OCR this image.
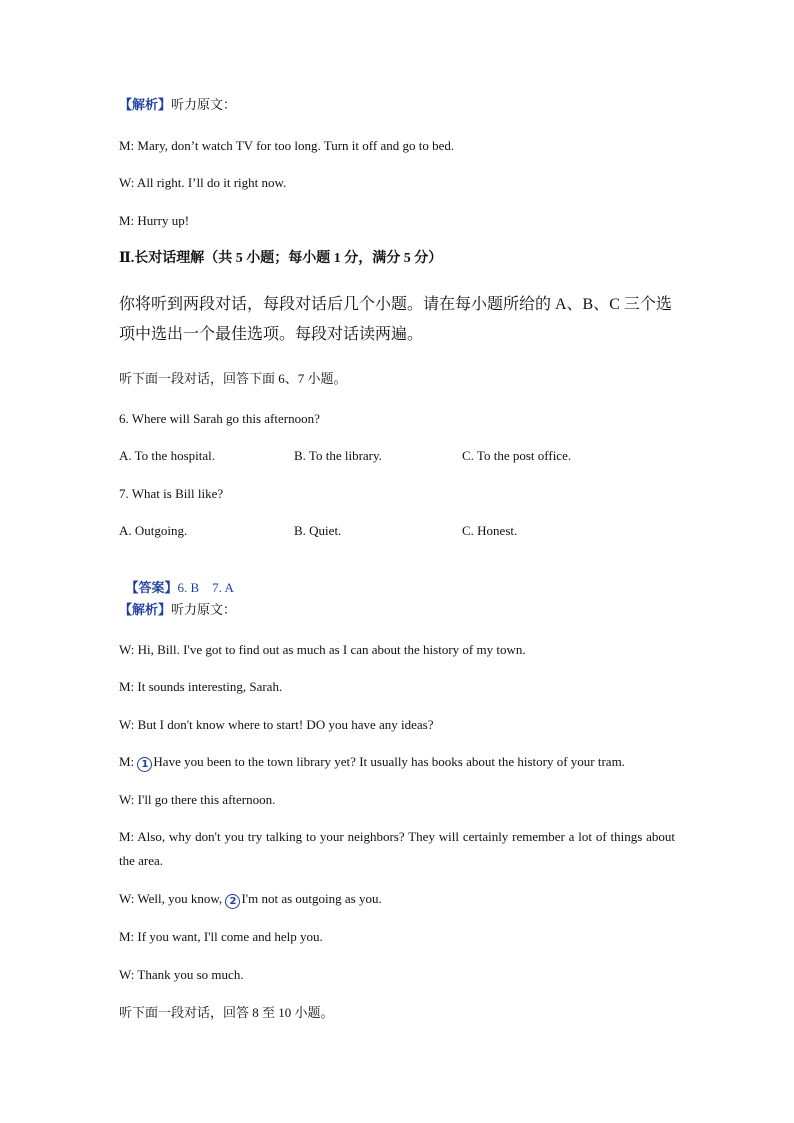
【解析】听力原文：
M: Mary, don’t watch TV for too long. Turn it off and go to bed.
W: All right. I’ll do it right now.
M: Hurry up!
Ⅱ.长对话理解（共 5 小题；每小题 1 分，满分 5 分）
你将听到两段对话，每段对话后几个小题。请在每小题所给的 A、B、C 三个选
项中选出一个最佳选项。每段对话读两遍。
听下面一段对话，回答下面 6、7 小题。
6. Where will Sarah go this afternoon?
A. To the hospital.	B. To the library.	C. To the post office.
7. What is Bill like?
A. Outgoing.	B. Quiet.	C. Honest.

【答案】6. B    7. A

【解析】听力原文：
W: Hi, Bill. I've got to find out as much as I can about the history of my town.
M: It sounds interesting, Sarah.
W: But I don't know where to start! DO you have any ideas?
M: 1 Have you been to the town library yet? It usually has books about the history of your tram.
W: I'll go there this afternoon.
M: Also, why don't you try talking to your neighbors? They will certainly remember a lot of things about the area.
W: Well, you know, 2 I'm not as outgoing as you.
M: If you want, I'll come and help you.
W: Thank you so much.
听下面一段对话，回答 8 至 10 小题。
